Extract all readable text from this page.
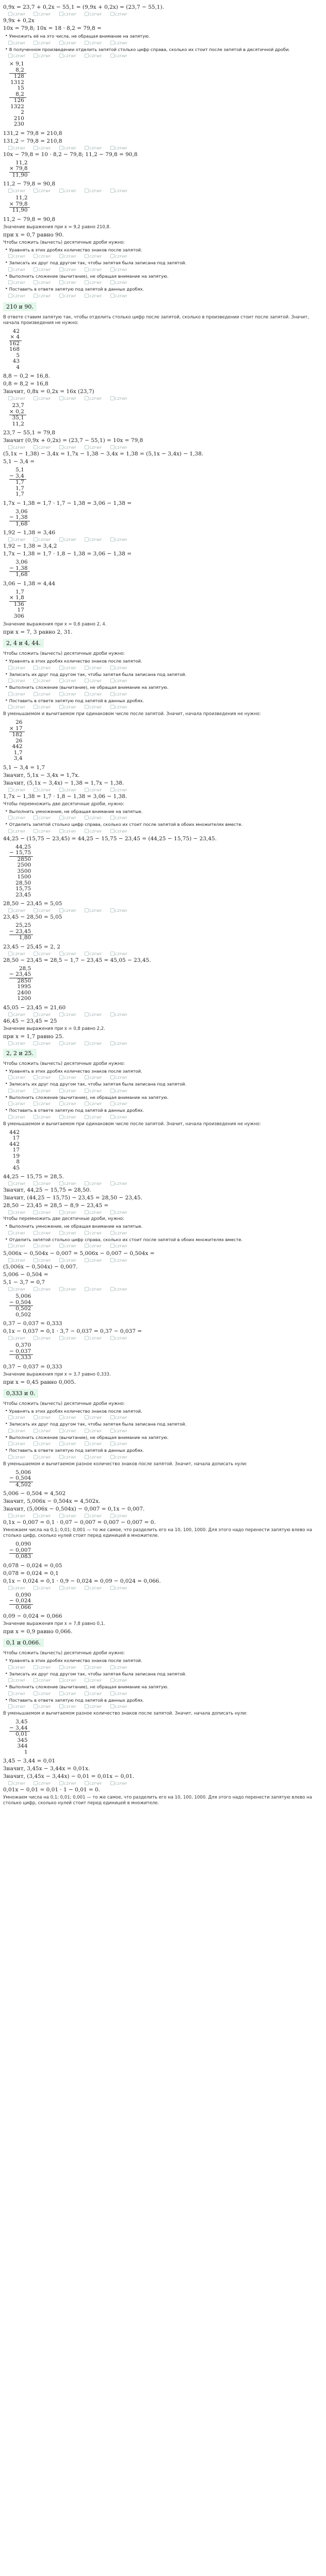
0,9x = 23,7 + 0,2x − 55,1 = (9,9x + 0,2x) = (23,7 − 55,1).
CZFWF	CZFWF	CZFWF	CZFWF	CZFWF
9,9x + 0,2x
10x = 79,8; 10x = 18 · 8,2 = 79,8 =
• Умножить её на это числа, не обращая внимание на запятую.
CZFWF	CZFWF	CZFWF	CZFWF	CZFWF
• В полученном произведении отделить запятой столько цифр справа, сколько их стоит после запятой в десятичной дроби.
CZFWF	CZFWF	CZFWF	CZFWF	CZFWF
× 9,1
8,2
128
1312
15
8,2
126
1322
2
210
230
131,2 = 79,8 = 210,8
131,2 − 79,8 = 210,8
CZFWF	CZFWF	CZFWF	CZFWF	CZFWF
10x − 79,8 = 10 · 8,2 − 79,8; 11,2 − 79,8 = 90,8
11,2
× 79,8
11,90
11,2 − 79,8 = 90,8
CZFWF	CZFWF	CZFWF	CZFWF	CZFWF
11,2
× 79,8
11,90
11,2 − 79,8 = 90,8
Значение выражения при x = 9,2 равно 210,8.
при x = 0,7 равно 90.
Чтобы сложить (вычесть) десятичные дроби нужно:
• Уравнять в этих дробях количество знаков после запятой.
CZFWF	CZFWF	CZFWF	CZFWF	CZFWF
• Записать их друг под другом так, чтобы запятая была записана под запятой.
CZFWF	CZFWF	CZFWF	CZFWF	CZFWF
• Выполнить сложение (вычитание), не обращая внимание на запятую.
CZFWF	CZFWF	CZFWF	CZFWF	CZFWF
• Поставить в ответе запятую под запятой в данных дробях.
CZFWF	CZFWF	CZFWF	CZFWF	CZFWF
210 и 90.
В ответе ставим запятую так, чтобы отделить столько цифр после запятой, сколько в произведении стоит после запятой. Значит, начала произведения не нужно:
42
× 4
162
168
5
43
4
8,8 − 0,2 = 16,8.
0,8 = 8,2 = 16,8
Значит, 0,8x = 0,2x = 16x (23,7)
CZFWF	CZFWF	CZFWF	CZFWF	CZFWF
23,7
× 0,2
35,1
11,2
23,7 − 55,1 = 79,8
Значит (0,9x + 0,2x) = (23,7 − 55,1) = 10x = 79,8
CZFWF	CZFWF	CZFWF	CZFWF	CZFWF
(5,1x − 1,38) − 3,4x = 1,7x − 1,38 − 3,4x = 1,38 = (5,1x − 3,4x) − 1,38.
5,1 − 3,4 =
5,1
− 3,4
1,7
1,7
1,7
1,7x − 1,38 = 1,7 · 1,7 − 1,38 = 3,06 − 1,38 =
3,06
− 1,38
1,68
1,92 − 1,38 = 3,46
CZFWF	CZFWF	CZFWF	CZFWF	CZFWF
1,92 − 1,38 = 3,4,2
1,7x − 1,38 = 1,7 · 1,8 − 1,38 = 3,06 − 1,38 =
3,06
− 1,38
1,68
3,06 − 1,38 = 4,44
1,7
× 1,8
136
17
306
Значение выражения при x = 0,6 равно 2, 4.
при x = 7, 3 равно 2, 31.
2, 4 и 4, 44.
Чтобы сложить (вычесть) десятичные дроби нужно:
• Уравнять в этих дробях количество знаков после запятой.
CZFWF	CZFWF	CZFWF	CZFWF	CZFWF
• Записать их друг под другом так, чтобы запятая была записана под запятой.
CZFWF	CZFWF	CZFWF	CZFWF	CZFWF
• Выполнить сложение (вычитание), не обращая внимание на запятую.
CZFWF	CZFWF	CZFWF	CZFWF	CZFWF
• Поставить в ответе запятую под запятой в данных дробях.
CZFWF	CZFWF	CZFWF	CZFWF	CZFWF
В уменьшаемом и вычитаемом при одинаковом числе после запятой. Значит, начала произведения не нужно:
26
× 17
182
26
442
1,7
3,4
5,1 − 3,4 = 1,7
Значит, 5,1x − 3,4x = 1,7x.
Значит, (5,1x − 3,4x) − 1,38 = 1,7x − 1,38.
CZFWF	CZFWF	CZFWF	CZFWF	CZFWF
1,7x − 1,38 = 1,7 · 1,8 − 1,38 = 3,06 − 1,38.
Чтобы перемножить две десятичные дроби, нужно:
• Выполнить умножение, не обращая внимание на запятые.
CZFWF	CZFWF	CZFWF	CZFWF	CZFWF
• Отделить запятой столько цифр справа, сколько их стоит после запятой в обоих множителях вместе.
CZFWF	CZFWF	CZFWF	CZFWF	CZFWF
44,25 − (15,75 − 23,45) = 44,25 − 15,75 − 23,45 = (44,25 − 15,75) − 23,45.
44,25
− 15,75
2850
2500
3500
1500
28,50
15,75
23,45
28,50 − 23,45 = 5,05
CZFWF	CZFWF	CZFWF	CZFWF	CZFWF
23,45 − 28,50 = 5,05
25,25
− 23,45
1,80
23,45 − 25,45 = 2, 2
CZFWF	CZFWF	CZFWF	CZFWF	CZFWF
28,50 − 23,45 = 28,5 − 1,7 − 23,45 = 45,05 − 23,45.
28,5
− 23,45
2850
1995
2400
1200
45,05 − 23,45 = 21,60
CZFWF	CZFWF	CZFWF	CZFWF	CZFWF
46,45 − 23,45 = 25
Значение выражения при x = 0,8 равно 2,2.
при x = 1,7 равно 25.
CZFWF	CZFWF	CZFWF	CZFWF	CZFWF
2, 2 и 25.
Чтобы сложить (вычесть) десятичные дроби нужно:
• Уравнять в этих дробях количество знаков после запятой.
CZFWF	CZFWF	CZFWF	CZFWF	CZFWF
• Записать их друг под другом так, чтобы запятая была записана под запятой.
CZFWF	CZFWF	CZFWF	CZFWF	CZFWF
• Выполнить сложение (вычитание), не обращая внимание на запятую.
CZFWF	CZFWF	CZFWF	CZFWF	CZFWF
• Поставить в ответе запятую под запятой в данных дробях.
CZFWF	CZFWF	CZFWF	CZFWF	CZFWF
В уменьшаемом и вычитаемом при одинаковом числе после запятой. Значит, начала произведения не нужно:
442
17
442
17
19
8
45
44,25 − 15,75 = 28,5.
CZFWF	CZFWF	CZFWF	CZFWF	CZFWF
Значит, 44,25 − 15,75 = 28,50.
Значит, (44,25 − 15,75) − 23,45 = 28,50 − 23,45.
28,50 − 23,45 = 28,5 − 8,9 − 23,45 =
CZFWF	CZFWF	CZFWF	CZFWF	CZFWF
Чтобы перемножить две десятичные дроби, нужно:
• Выполнить умножение, не обращая внимание на запятые.
CZFWF	CZFWF	CZFWF	CZFWF	CZFWF
• Отделить запятой столько цифр справа, сколько их стоит после запятой в обоих множителях вместе.
CZFWF	CZFWF	CZFWF	CZFWF	CZFWF
5,006x − 0,504x − 0,007 = 5,006x − 0,007 − 0,504x =
CZFWF	CZFWF	CZFWF	CZFWF	CZFWF
(5,006x − 0,504x) − 0,007.
5,006 − 0,504 =
5,1 − 3,7 = 0,7
CZFWF	CZFWF	CZFWF	CZFWF	CZFWF
5,006
− 0,504
0,502
0,502
0,37 − 0,037 = 0,333
0,1x − 0,037 = 0,1 · 3,7 − 0,037 = 0,37 − 0,037 =
CZFWF	CZFWF	CZFWF	CZFWF	CZFWF
0,370
− 0,037
0,333
0,37 − 0,037 = 0,333
Значение выражения при x = 3,7 равно 0,333.
при x = 0,45 равно 0,005.
0,333 и 0.
Чтобы сложить (вычесть) десятичные дроби нужно:
• Уравнять в этих дробях количество знаков после запятой.
CZFWF	CZFWF	CZFWF	CZFWF	CZFWF
• Записать их друг под другом так, чтобы запятая была записана под запятой.
CZFWF	CZFWF	CZFWF	CZFWF	CZFWF
• Выполнить сложение (вычитание), не обращая внимание на запятую.
CZFWF	CZFWF	CZFWF	CZFWF	CZFWF
• Поставить в ответе запятую под запятой в данных дробях.
CZFWF	CZFWF	CZFWF	CZFWF	CZFWF
В уменьшаемом и вычитаемом разное количество знаков после запятой. Значит, начала дописать нули:
5,006
− 0,504
4,502
5,006 − 0,504 = 4,502
Значит, 5,006x − 0,504x = 4,502x.
Значит, (5,006x − 0,504x) − 0,007 = 0,1x − 0,007.
CZFWF	CZFWF	CZFWF	CZFWF	CZFWF
0,1x − 0,007 = 0,1 · 0,07 − 0,007 = 0,007 − 0,007 = 0.
Умножаем числа на 0,1; 0,01; 0,001 — то же самое, что разделить его на 10, 100, 1000. Для этого надо перенести запятую влево на столько цифр, сколько нулей стоит перед единицей в множителе.
0,090
− 0,007
0,083
0,078 − 0,024 = 0,05
0,078 = 0,024 = 0,1
0,1x − 0,024 = 0,1 · 0,9 − 0,024 = 0,09 − 0,024 = 0,066.
CZFWF	CZFWF	CZFWF	CZFWF	CZFWF
0,090
− 0,024
0,066
0,09 − 0,024 = 0,066
Значение выражения при x = 7,8 равно 0,1.
при x = 0,9 равно 0,066.
0,1 и 0,066.
Чтобы сложить (вычесть) десятичные дроби нужно:
• Уравнять в этих дробях количество знаков после запятой.
CZFWF	CZFWF	CZFWF	CZFWF	CZFWF
• Записать их друг под другом так, чтобы запятая была записана под запятой.
CZFWF	CZFWF	CZFWF	CZFWF	CZFWF
• Выполнить сложение (вычитание), не обращая внимание на запятую.
CZFWF	CZFWF	CZFWF	CZFWF	CZFWF
• Поставить в ответе запятую под запятой в данных дробях.
CZFWF	CZFWF	CZFWF	CZFWF	CZFWF
В уменьшаемом и вычитаемом разное количество знаков после запятой. Значит, начала дописать нули:
3,45
− 3,44
0,01
345
344
1
3,45 − 3,44 = 0,01
Значит, 3,45x − 3,44x = 0,01x.
Значит, (3,45x − 3,44x) − 0,01 = 0,01x − 0,01.
CZFWF	CZFWF	CZFWF	CZFWF	CZFWF
0,01x − 0,01 = 0,01 · 1 − 0,01 = 0.
Умножаем числа на 0,1; 0,01; 0,001 — то же самое, что разделить его на 10, 100, 1000. Для этого надо перенести запятую влево на столько цифр, сколько нулей стоит перед единицей в множителе.
